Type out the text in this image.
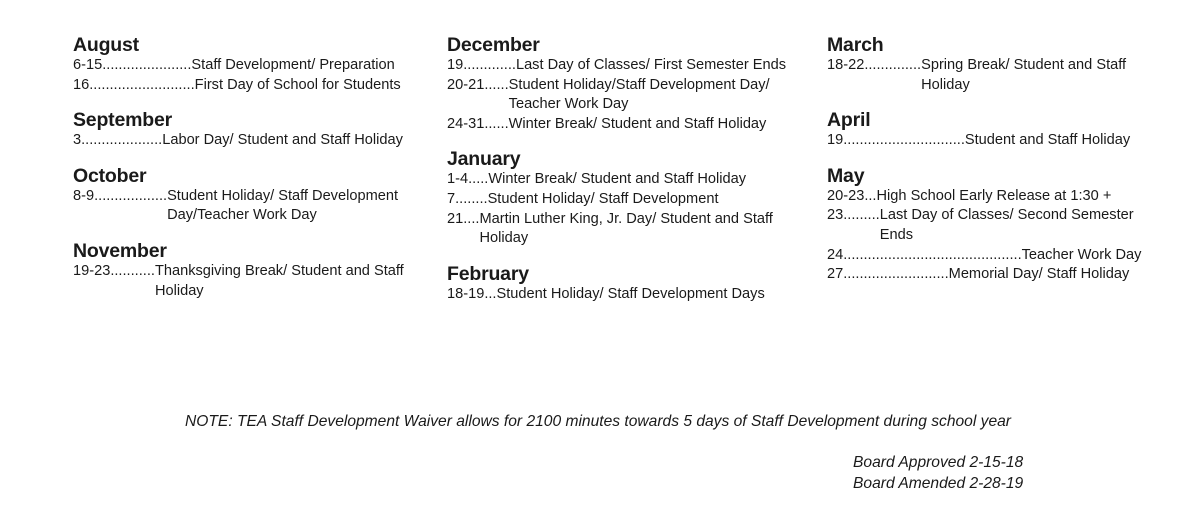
August
6-15...................... Staff Development/ Preparation
16.......................... First Day of School for Students
September
3.................... Labor Day/ Student and Staff Holiday
October
8-9.................. Student Holiday/ Staff Development Day/Teacher Work Day
November
19-23........... Thanksgiving Break/ Student and Staff Holiday
December
19............. Last Day of Classes/ First Semester Ends
20-21...... Student Holiday/Staff Development Day/ Teacher Work Day
24-31...... Winter Break/ Student and Staff Holiday
January
1-4..... Winter Break/ Student and Staff Holiday
7........ Student Holiday/ Staff Development
21.... Martin Luther King, Jr. Day/ Student and Staff Holiday
February
18-19... Student Holiday/ Staff Development Days
March
18-22.............. Spring Break/ Student and Staff Holiday
April
19.............................. Student and Staff Holiday
May
20-23... High School Early Release at 1:30 +
23......... Last Day of Classes/ Second Semester Ends
24............................................ Teacher Work Day
27.......................... Memorial Day/ Staff Holiday
NOTE: TEA Staff Development Waiver allows for 2100 minutes towards 5 days of Staff Development during school year
Board Approved 2-15-18
Board Amended 2-28-19
